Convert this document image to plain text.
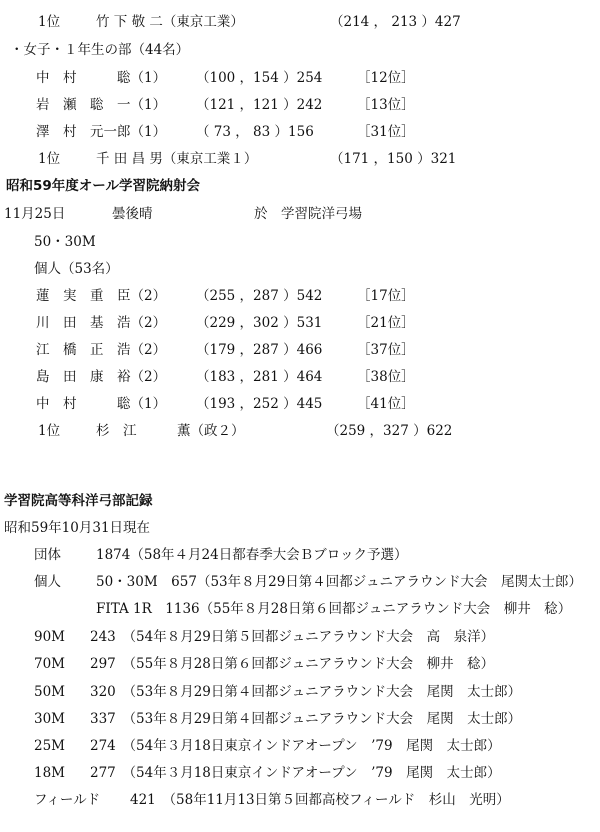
1位	竹 下 敬 二（東京工業）	（214 ， 213 ）427
・女子・１年生の部（44名）
中　村　　　聡（1） （100 ，154 ）254	［12位］
岩　瀬　聡　一（1） （121 ，121 ）242	［13位］
澤　村　元一郎（1） （ 73 ， 83 ）156	［31位］
1位	千 田 昌 男（東京工業１）	（171 ，150 ）321
昭和59年度オール学習院納射会
11月25日	曇後晴	於　学習院洋弓場
50・30M
個人（53名）
蓮　実　重　臣（2） （255 ，287 ）542	［17位］
川　田　基　浩（2） （229 ，302 ）531	［21位］
江　橋　正　浩（2） （179 ，287 ）466	［37位］
島　田　康　裕（2） （183 ，281 ）464	［38位］
中　村　　　聡（1） （193 ，252 ）445	［41位］
1位	杉　江　　　薫（政２）	（259 ，327 ）622
学習院高等科洋弓部記録
昭和59年10月31日現在
団体	1874（58年４月24日都春季大会Ｂブロック予選）
個人	50・30M　657（53年８月29日第４回都ジュニアラウンド大会　尾関太士郎）
FITA 1R　1136（55年８月28日第６回都ジュニアラウンド大会　柳井　稔）
90M 243　（54年８月29日第５回都ジュニアラウンド大会　高　泉洋）
70M 297　（55年８月28日第６回都ジュニアラウンド大会　柳井　稔）
50M 320　（53年８月29日第４回都ジュニアラウンド大会　尾関　太士郎）
30M 337　（53年８月29日第４回都ジュニアラウンド大会　尾関　太士郎）
25M 274　（54年３月18日東京インドアオープン　’79　尾関　太士郎）
18M 277　（54年３月18日東京インドアオープン　’79　尾関　太士郎）
フィールド 421　（58年11月13日第５回都高校フィールド　杉山　光明）
